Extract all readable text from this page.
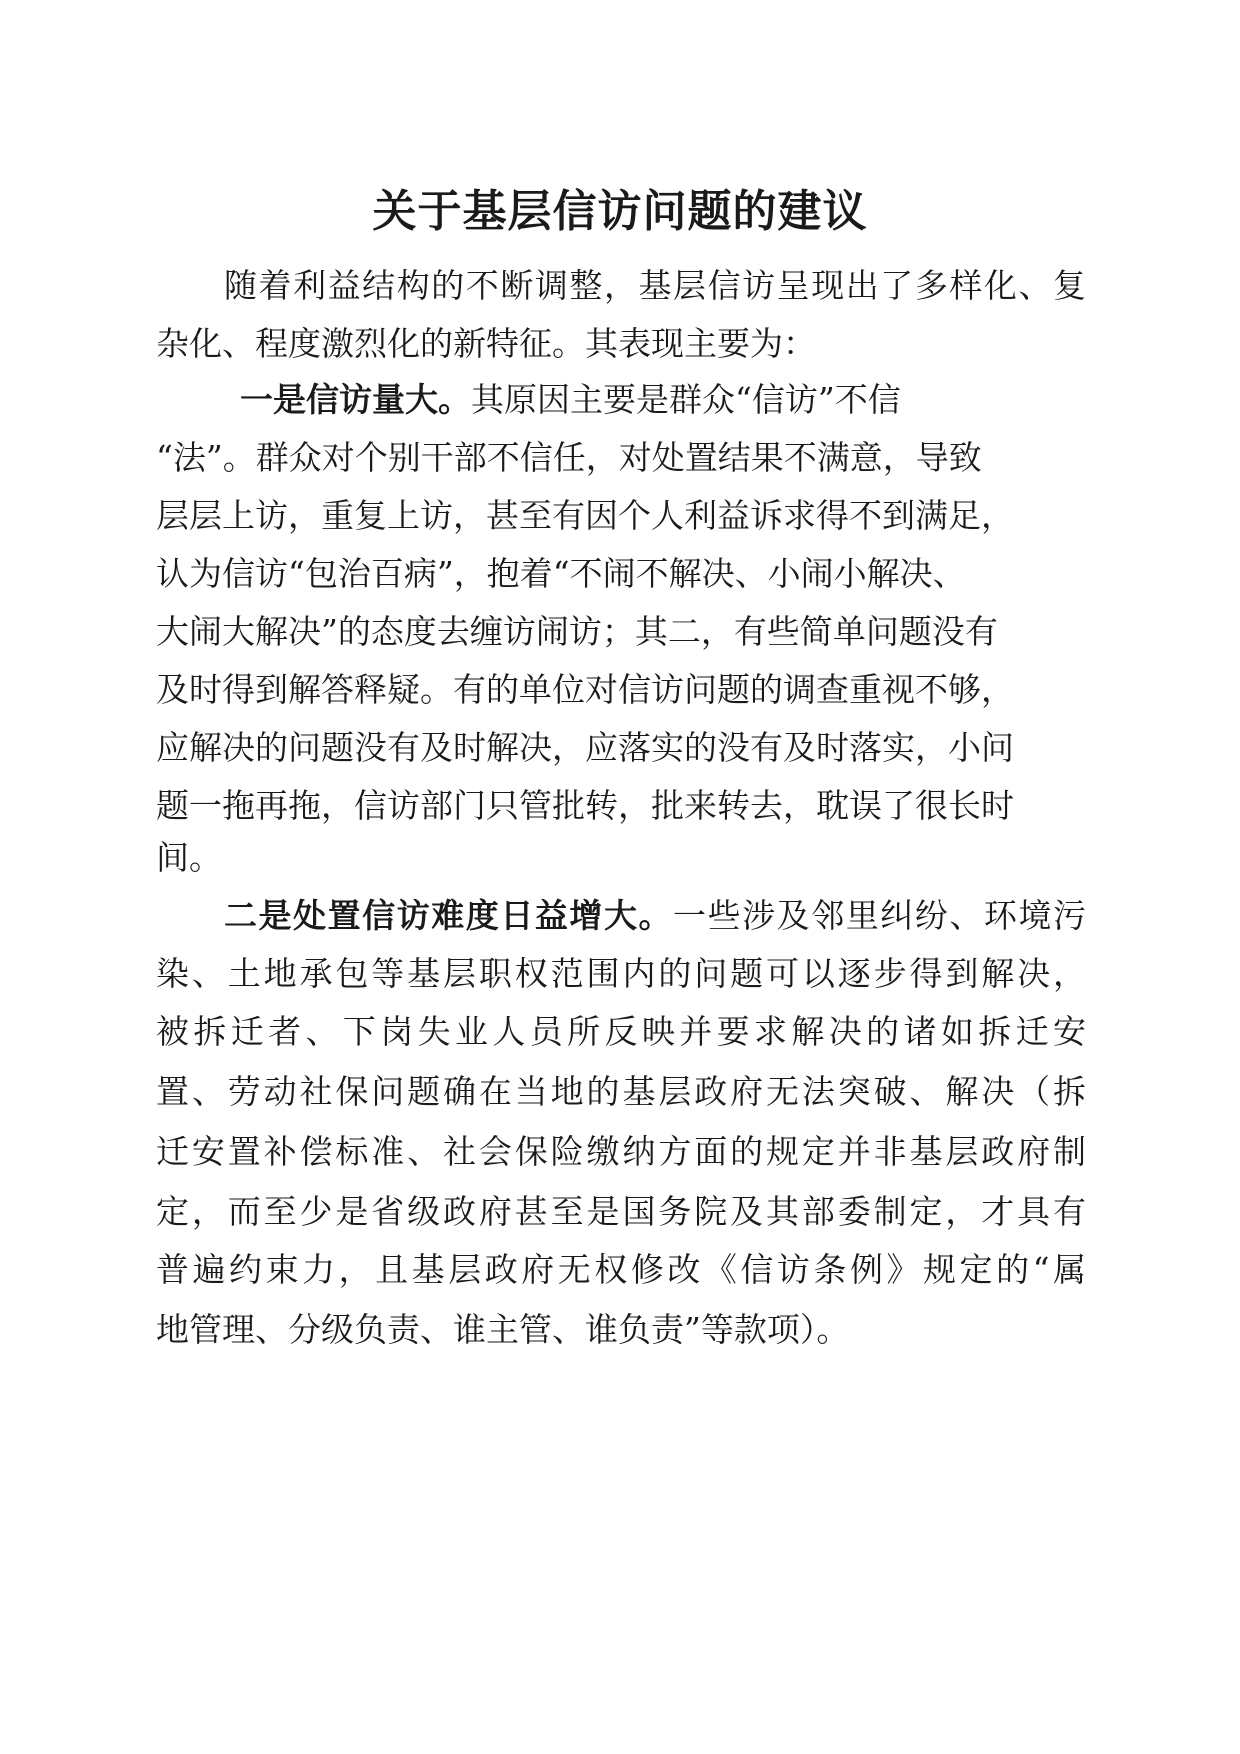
关于基层信访问题的建议

随着利益结构的不断调整，基层信访呈现出了多样化、复

杂化、程度激烈化的新特征。其表现主要为：

一是信访量大。其原因主要是群众“信访”不信

“法”。群众对个别干部不信任，对处置结果不满意，导致

层层上访，重复上访，甚至有因个人利益诉求得不到满足，

认为信访“包治百病”，抱着“不闹不解决、小闹小解决、

大闹大解决”的态度去缠访闹访；其二，有些简单问题没有

及时得到解答释疑。有的单位对信访问题的调查重视不够，

应解决的问题没有及时解决，应落实的没有及时落实，小问

题一拖再拖，信访部门只管批转，批来转去，耽误了很长时

间。

二是处置信访难度日益增大。一些涉及邻里纠纷、环境污

染、土地承包等基层职权范围内的问题可以逐步得到解决，

被拆迁者、下岗失业人员所反映并要求解决的诸如拆迁安

置、劳动社保问题确在当地的基层政府无法突破、解决（拆

迁安置补偿标准、社会保险缴纳方面的规定并非基层政府制

定，而至少是省级政府甚至是国务院及其部委制定，才具有

普遍约束力，且基层政府无权修改《信访条例》规定的“属

地管理、分级负责、谁主管、谁负责”等款项）。
